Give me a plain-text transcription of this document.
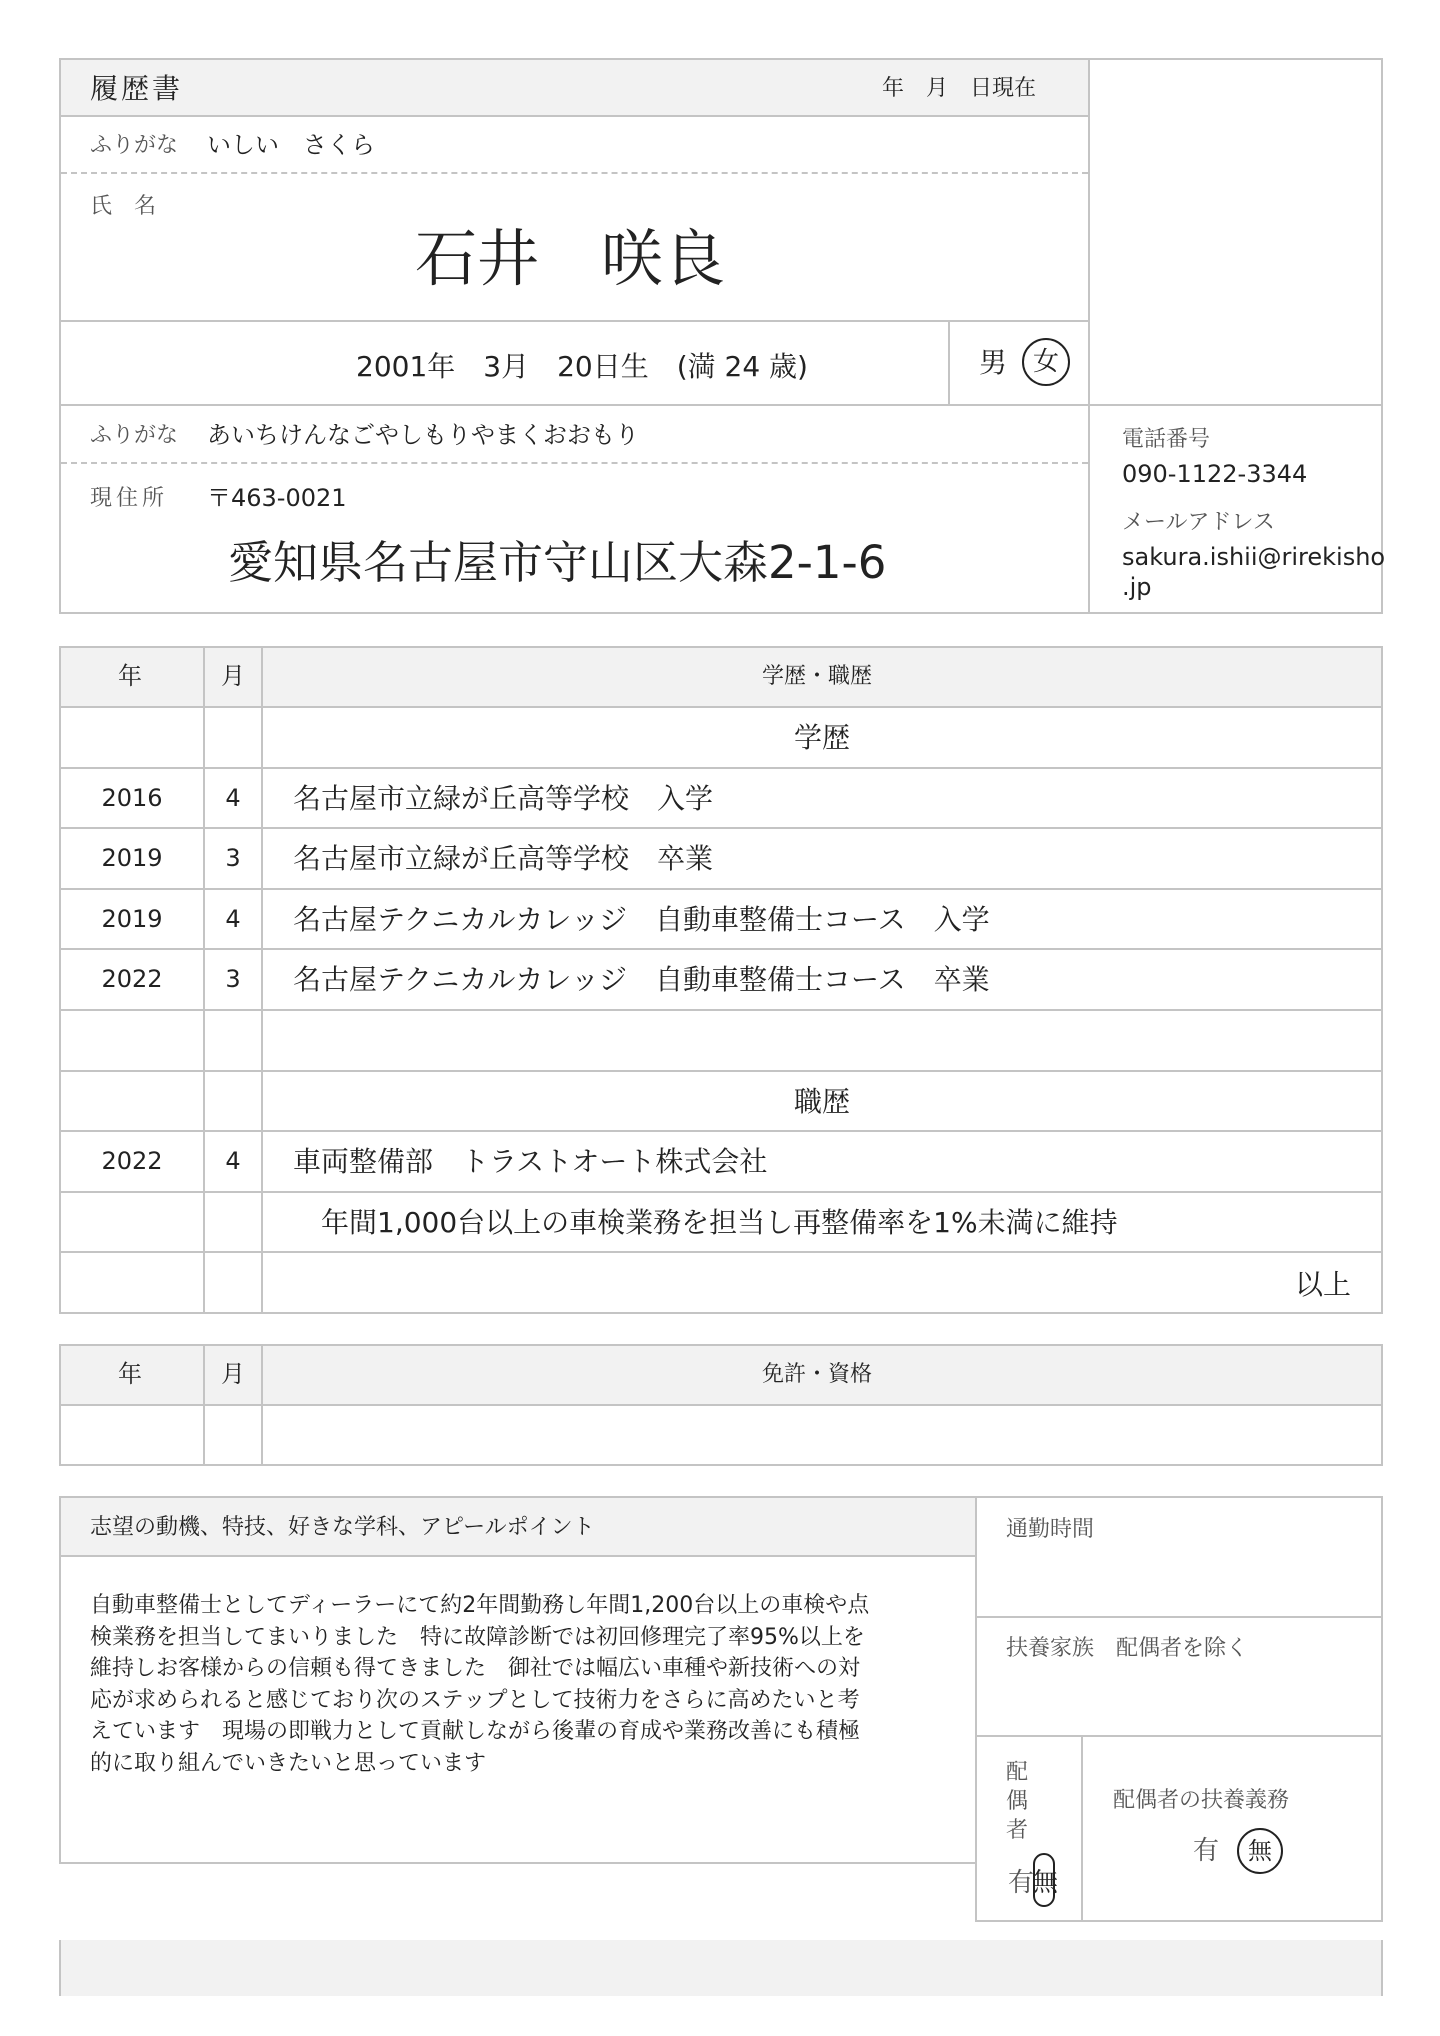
履歴書	年　月　日現在
ふりがな いしい　さくら
氏　名
石井　咲良
2001年　3月　20日生　(満 24 歳)	男 女
ふりがな あいちけんなごやしもりやまくおおもり
現住所 〒463-0021
愛知県名古屋市守山区大森2-1-6
電話番号
090-1122-3344
メールアドレス
sakura.ishii@rirekisho
.jp
年	月	学歴・職歴
学歴
2016	4	名古屋市立緑が丘高等学校　入学
2019	3	名古屋市立緑が丘高等学校　卒業
2019	4	名古屋テクニカルカレッジ　自動車整備士コース　入学
2022	3	名古屋テクニカルカレッジ　自動車整備士コース　卒業
職歴
2022	4	車両整備部　トラストオート株式会社
年間1,000台以上の車検業務を担当し再整備率を1%未満に維持
以上
年	月	免許・資格
志望の動機、特技、好きな学科、アピールポイント
自動車整備士としてディーラーにて約2年間勤務し年間1,200台以上の車検や点
検業務を担当してまいりました　特に故障診断では初回修理完了率95%以上を
維持しお客様からの信頼も得てきました　御社では幅広い車種や新技術への対
応が求められると感じており次のステップとして技術力をさらに高めたいと考
えています　現場の即戦力として貢献しながら後輩の育成や業務改善にも積極
的に取り組んでいきたいと思っています
通勤時間
扶養家族　配偶者を除く
配
偶
者
有
無
配偶者の扶養義務
有 無
